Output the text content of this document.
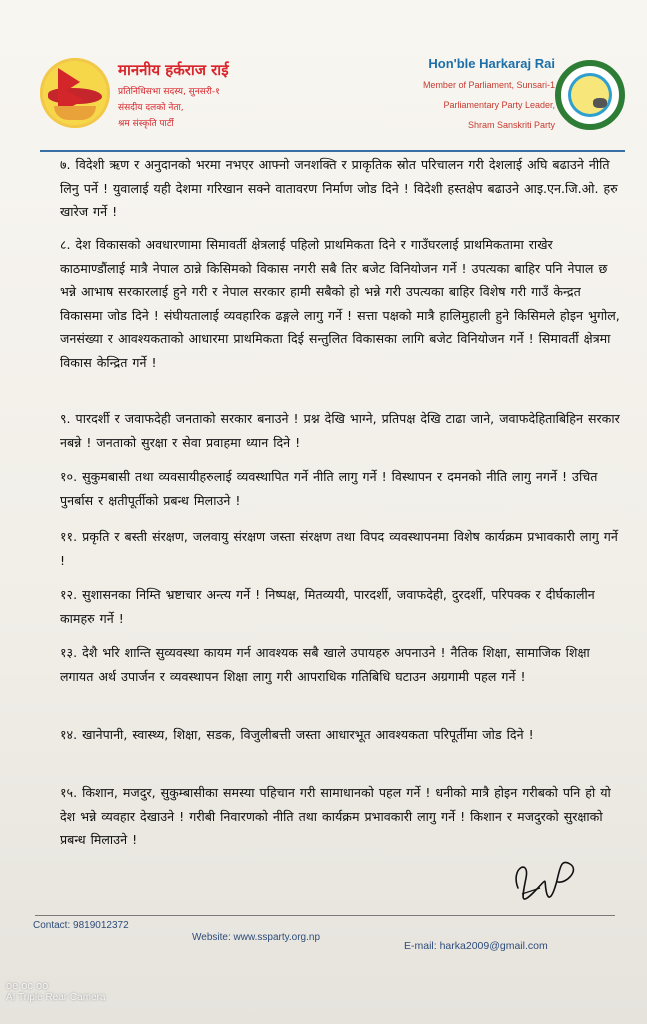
माननीय हर्कराज राई
प्रतिनिधिसभा सदस्य, सुनसरी-१
संसदीय दलको नेता,
श्रम संस्कृति पार्टी
Hon'ble Harkaraj Rai
Member of Parliament, Sunsari-1
Parliamentary Party Leader,
Shram Sanskriti Party

७. विदेशी ऋण र अनुदानको भरमा नभएर आफ्नो जनशक्ति र प्राकृतिक स्रोत परिचालन गरी देशलाई अघि बढाउने नीति लिनु पर्ने ! युवालाई यही देशमा गरिखान सक्ने वातावरण निर्माण जोड दिने ! विदेशी हस्तक्षेप बढाउने आइ.एन.जि.ओ. हरु खारेज गर्ने !

८. देश विकासको अवधारणामा सिमावर्ती क्षेत्रलाई पहिलो प्राथमिकता दिने र गाउँघरलाई प्राथमिकतामा राखेर काठमाण्डौंलाई मात्रै नेपाल ठान्ने किसिमको विकास नगरी सबै तिर बजेट विनियोजन गर्ने ! उपत्यका बाहिर पनि नेपाल छ भन्ने आभाष सरकारलाई हुने गरी र नेपाल सरकार हामी सबैको हो भन्ने गरी उपत्यका बाहिर विशेष गरी गाउँ केन्द्रत विकासमा जोड दिने ! संघीयतालाई व्यवहारिक ढङ्गले लागु गर्ने ! सत्ता पक्षको मात्रै हालिमुहाली हुने किसिमले होइन भुगोल, जनसंख्या र आवश्यकताको आधारमा प्राथमिकता दिई सन्तुलित विकासका लागि बजेट विनियोजन गर्ने ! सिमावर्ती क्षेत्रमा विकास केन्द्रित गर्ने !

९. पारदर्शी र जवाफदेही जनताको सरकार बनाउने ! प्रश्न देखि भाग्ने, प्रतिपक्ष देखि टाढा जाने, जवाफदेहिताबिहिन सरकार नबन्ने ! जनताको सुरक्षा र सेवा प्रवाहमा ध्यान दिने !

१०. सुकुमबासी तथा व्यवसायीहरुलाई व्यवस्थापित गर्ने नीति लागु गर्ने ! विस्थापन र दमनको नीति लागु नगर्ने ! उचित पुनर्बास र क्षतीपूर्तीको प्रबन्ध मिलाउने !

११. प्रकृति र बस्ती संरक्षण, जलवायु संरक्षण जस्ता संरक्षण तथा विपद व्यवस्थापनमा विशेष कार्यक्रम प्रभावकारी लागु गर्ने !

१२. सुशासनका निम्ति भ्रष्टाचार अन्त्य गर्ने ! निष्पक्ष, मितव्ययी, पारदर्शी, जवाफदेही, दुरदर्शी, परिपक्क र दीर्घकालीन कामहरु गर्ने !

१३. देशै भरि शान्ति सुव्यवस्था कायम गर्न आवश्यक सबै खाले उपायहरु अपनाउने ! नैतिक शिक्षा, सामाजिक शिक्षा लगायत अर्थ उपार्जन र व्यवस्थापन शिक्षा लागु गरी आपराधिक गतिबिधि घटाउन अग्रगामी पहल गर्ने !

१४. खानेपानी, स्वास्थ्य, शिक्षा, सडक, विजुलीबत्ती जस्ता आधारभूत आवश्यकता परिपूर्तीमा जोड दिने !

१५. किशान, मजदुर, सुकुम्बासीका समस्या पहिचान गरी सामाधानको पहल गर्ने ! धनीको मात्रै होइन गरीबको पनि हो यो देश भन्ने व्यवहार देखाउने ! गरीबी निवारणको नीति तथा कार्यक्रम प्रभावकारी लागु गर्ने ! किशान र मजदुरको सुरक्षाको प्रबन्ध मिलाउने !

Contact: 9819012372
Website: www.ssparty.org.np
E-mail: harka2009@gmail.com
oe oc oo
AI Triple Rear Camera
